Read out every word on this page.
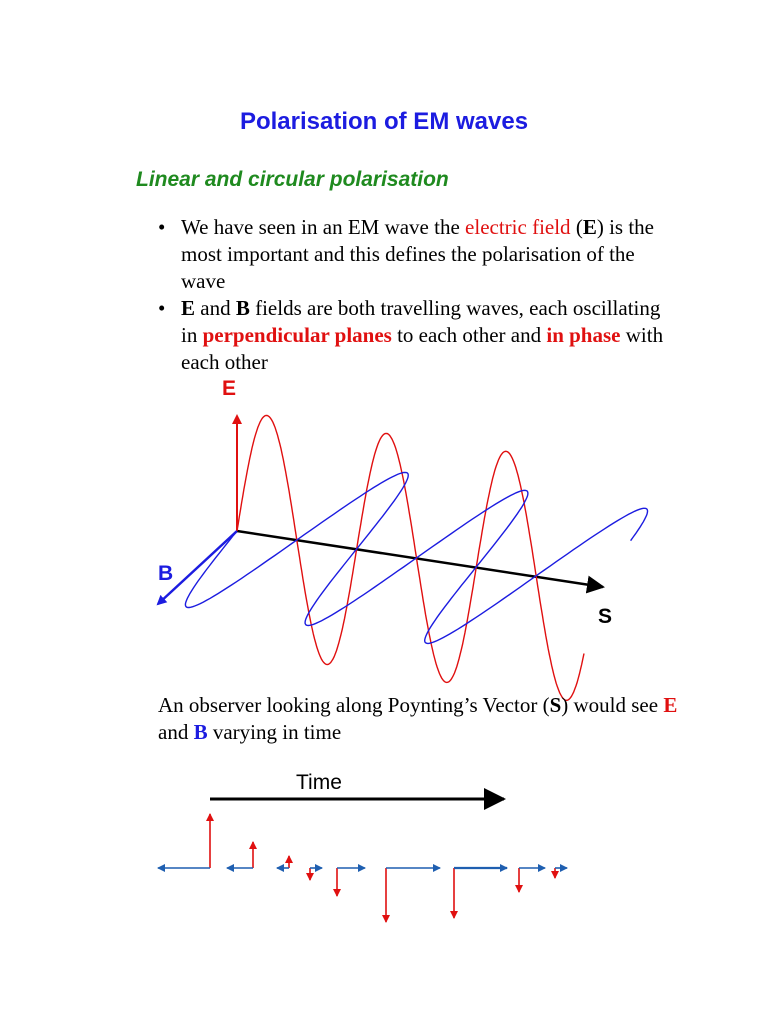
Polarisation of EM waves
Linear and circular polarisation
• We have seen in an EM wave the electric field (E) is the most important and this defines the polarisation of the wave
• E and B fields are both travelling waves, each oscillating in perpendicular planes to each other and in phase with each other
E
B
S
An observer looking along Poynting’s Vector (S) would see E and B varying in time
Time
